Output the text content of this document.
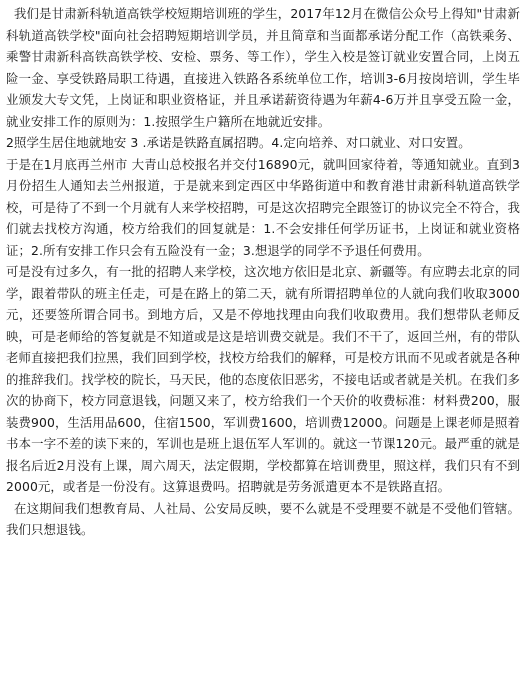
我们是甘肃新科轨道高铁学校短期培训班的学生，2017年12月在微信公众号上得知"甘肃新科轨道高铁学校"面向社会招聘短期培训学员，并且简章和当面都承诺分配工作（高铁乘务、乘警甘肃新科高铁高铁学校、安检、票务、等工作），学生入校是签订就业安置合同，上岗五险一金、享受铁路局职工待遇，直接进入铁路各系统单位工作，培训3-6月按岗培训，学生毕业颁发大专文凭，上岗证和职业资格证，并且承诺薪资待遇为年薪4-6万并且享受五险一金，就业安排工作的原则为：1.按照学生户籍所在地就近安排。

2照学生居住地就地安 3 .承诺是铁路直属招聘。4.定向培养、对口就业、对口安置。

于是在1月底再兰州市 大青山总校报名并交付16890元，就叫回家待着，等通知就业。直到3月份招生人通知去兰州报道，于是就来到定西区中华路街道中和教育港甘肃新科轨道高铁学校，可是待了不到一个月就有人来学校招聘，可是这次招聘完全跟签订的协议完全不符合，我们就去找校方沟通，校方给我们的回复就是：1.不会安排任何学历证书，上岗证和就业资格证；2.所有安排工作只会有五险没有一金；3.想退学的同学不予退任何费用。

可是没有过多久，有一批的招聘人来学校，这次地方依旧是北京、新疆等。有应聘去北京的同学，跟着带队的班主任走，可是在路上的第二天，就有所谓招聘单位的人就向我们收取3000元，还要签所谓合同书。到地方后，又是不停地找理由向我们收取费用。我们想带队老师反映，可是老师给的答复就是不知道或是这是培训费交就是。我们不干了，返回兰州，有的带队老师直接把我们拉黑，我们回到学校，找校方给我们的解释，可是校方讯而不见或者就是各种的推辞我们。找学校的院长，马天民，他的态度依旧恶劣，不接电话或者就是关机。在我们多次的协商下，校方同意退钱，问题又来了，校方给我们一个天价的收费标准：材料费200，服装费900，生活用品600，住宿1500，军训费1600，培训费12000。问题是上课老师是照着书本一字不差的读下来的，军训也是班上退伍军人军训的。就这一节课120元。最严重的就是报名后近2月没有上课，周六周天，法定假期，学校都算在培训费里，照这样，我们只有不到2000元，或者是一份没有。这算退费吗。招聘就是劳务派遣更本不是铁路直招。

在这期间我们想教育局、人社局、公安局反映，要不么就是不受理要不就是不受他们管辖。我们只想退钱。
